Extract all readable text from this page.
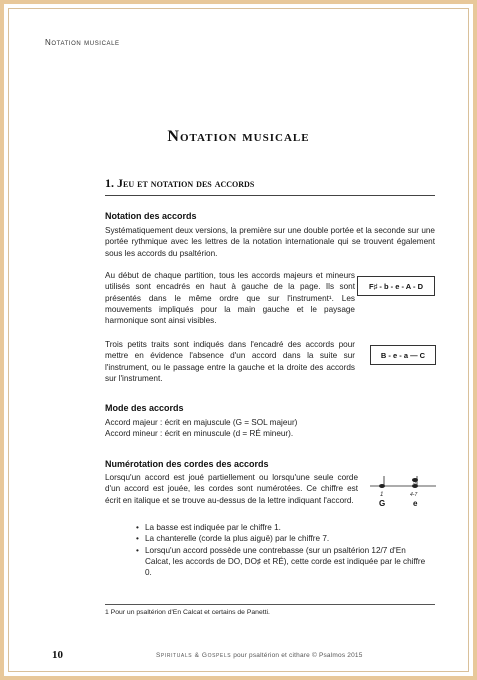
Notation musicale
Notation musicale
1. Jeu et notation des accords
Notation des accords
Systématiquement deux versions, la première sur une double portée et la seconde sur une portée rythmique avec les lettres de la notation internationale qui se trouvent également sous les accords du psaltérion.
Au début de chaque partition, tous les accords majeurs et mineurs utilisés sont encadrés en haut à gauche de la page. Ils sont présentés dans le même ordre que sur l'instrument¹. Les mouvements impliqués pour la main gauche et le paysage harmonique sont ainsi visibles.
F♯ - b - e - A - D
Trois petits traits sont indiqués dans l'encadré des accords pour mettre en évidence l'absence d'un accord dans la suite sur l'instrument, ou le passage entre la gauche et la droite des accords sur l'instrument.
B - e - a — C
Mode des accords
Accord majeur : écrit en majuscule (G = SOL majeur)
Accord mineur : écrit en minuscule (d = RÉ mineur).
Numérotation des cordes des accords
Lorsqu'un accord est joué partiellement ou lorsqu'une seule corde d'un accord est jouée, les cordes sont numérotées. Ce chiffre est écrit en italique et se trouve au-dessus de la lettre indiquant l'accord.
1
G
5
4-7
e
• La basse est indiquée par le chiffre 1.
• La chanterelle (corde la plus aiguë) par le chiffre 7.
• Lorsqu'un accord possède une contrebasse (sur un psaltérion 12/7 d'En Calcat, les accords de DO, DO♯ et RÉ), cette corde est indiquée par le chiffre 0.
1 Pour un psaltérion d'En Calcat et certains de Panetti.
10	Spirituals & Gospels pour psaltérion et cithare © Psalmos 2015
